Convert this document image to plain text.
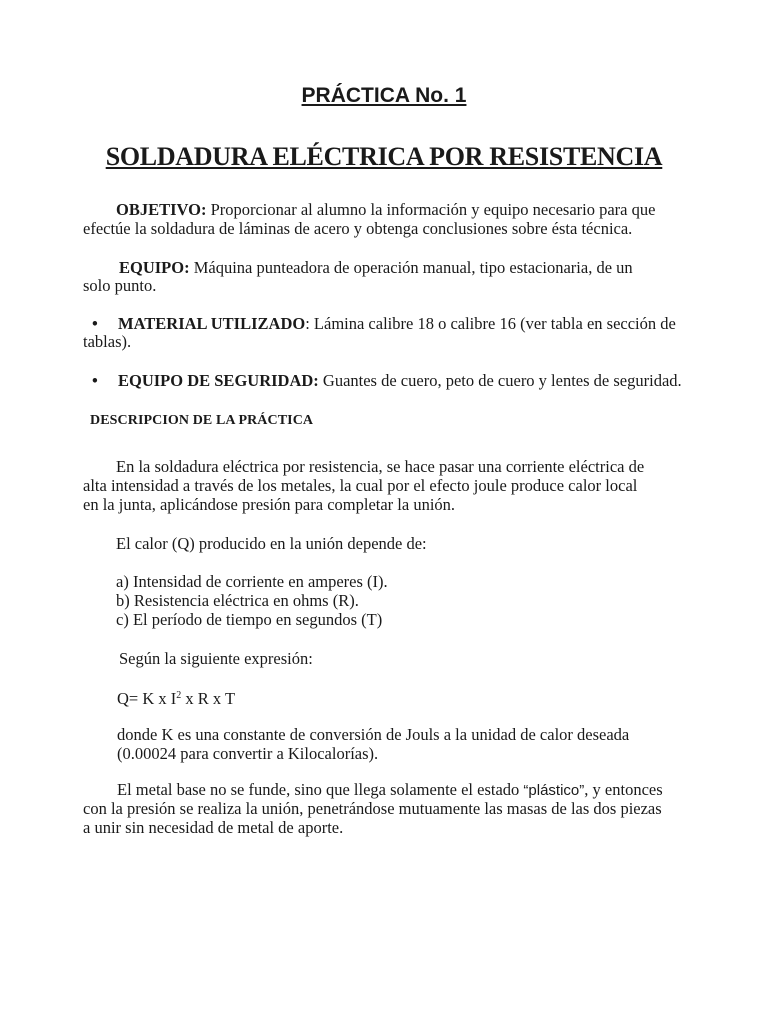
PRÁCTICA No. 1
SOLDADURA ELÉCTRICA POR RESISTENCIA
OBJETIVO: Proporcionar al alumno la información y equipo necesario para que
efectúe la soldadura de láminas de acero y obtenga conclusiones sobre ésta técnica.
EQUIPO: Máquina punteadora de operación manual, tipo estacionaria, de un
solo punto.
• MATERIAL UTILIZADO: Lámina calibre 18 o calibre 16 (ver tabla en sección de
tablas).
• EQUIPO DE SEGURIDAD: Guantes de cuero, peto de cuero y lentes de seguridad.
DESCRIPCION DE LA PRÁCTICA
En la soldadura eléctrica por resistencia, se hace pasar una corriente eléctrica de
alta intensidad a través de los metales, la cual por el efecto joule produce calor local
en la junta, aplicándose presión para completar la unión.
El calor (Q) producido en la unión depende de:
a) Intensidad de corriente en amperes (I).
b) Resistencia eléctrica en ohms (R).
c) El período de tiempo en segundos (T)
Según la siguiente expresión:
Q= K x $I^2$ x R x T
donde K es una constante de conversión de Jouls a la unidad de calor deseada
(0.00024 para convertir a Kilocalorías).
El metal base no se funde, sino que llega solamente el estado “plástico”, y entonces
con la presión se realiza la unión, penetrándose mutuamente las masas de las dos piezas
a unir sin necesidad de metal de aporte.
